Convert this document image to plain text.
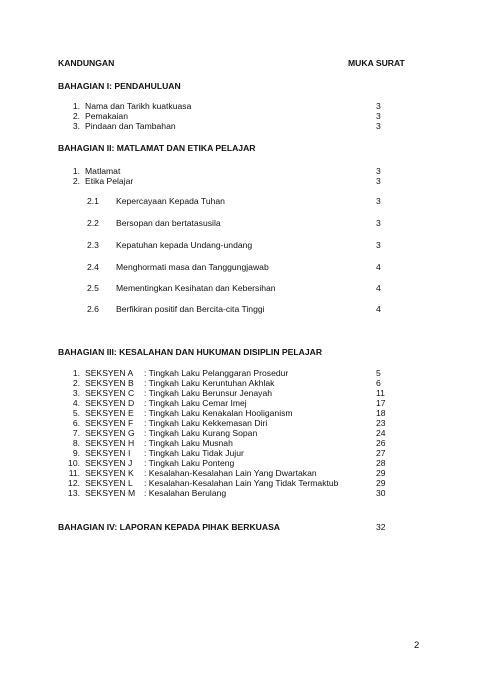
KANDUNGAN	MUKA SURAT
BAHAGIAN I: PENDAHULUAN
1. Nama dan Tarikh kuatkuasa	3
2. Pemakaian	3
3. Pindaan dan Tambahan	3
BAHAGIAN II: MATLAMAT DAN ETIKA PELAJAR
1. Matlamat	3
2. Etika Pelajar	3
2.1 Kepercayaan Kepada Tuhan	3
2.2 Bersopan dan bertatasusila	3
2.3 Kepatuhan kepada Undang-undang	3
2.4 Menghormati masa dan Tanggungjawab	4
2.5 Mementingkan Kesihatan dan Kebersihan	4
2.6 Berfikiran positif dan Bercita-cita Tinggi	4
BAHAGIAN III: KESALAHAN DAN HUKUMAN DISIPLIN PELAJAR
1. SEKSYEN A : Tingkah Laku Pelanggaran Prosedur	5
2. SEKSYEN B : Tingkah Laku Keruntuhan Akhlak	6
3. SEKSYEN C : Tingkah Laku Berunsur Jenayah	11
4. SEKSYEN D : Tingkah Laku Cemar Imej	17
5. SEKSYEN E : Tingkah Laku Kenakalan Hooliganism	18
6. SEKSYEN F : Tingkah Laku Kekkemasan Diri	23
7. SEKSYEN G : Tingkah Laku Kurang Sopan	24
8. SEKSYEN H : Tingkah Laku Musnah	26
9. SEKSYEN I : Tingkah Laku Tidak Jujur	27
10. SEKSYEN J : Tingkah Laku Ponteng	28
11. SEKSYEN K : Kesalahan-Kesalahan Lain Yang Dwartakan	29
12. SEKSYEN L : Kesalahan-Kesalahan Lain Yang Tidak Termaktub	29
13. SEKSYEN M : Kesalahan Berulang	30
BAHAGIAN IV: LAPORAN KEPADA PIHAK BERKUASA	32
2
